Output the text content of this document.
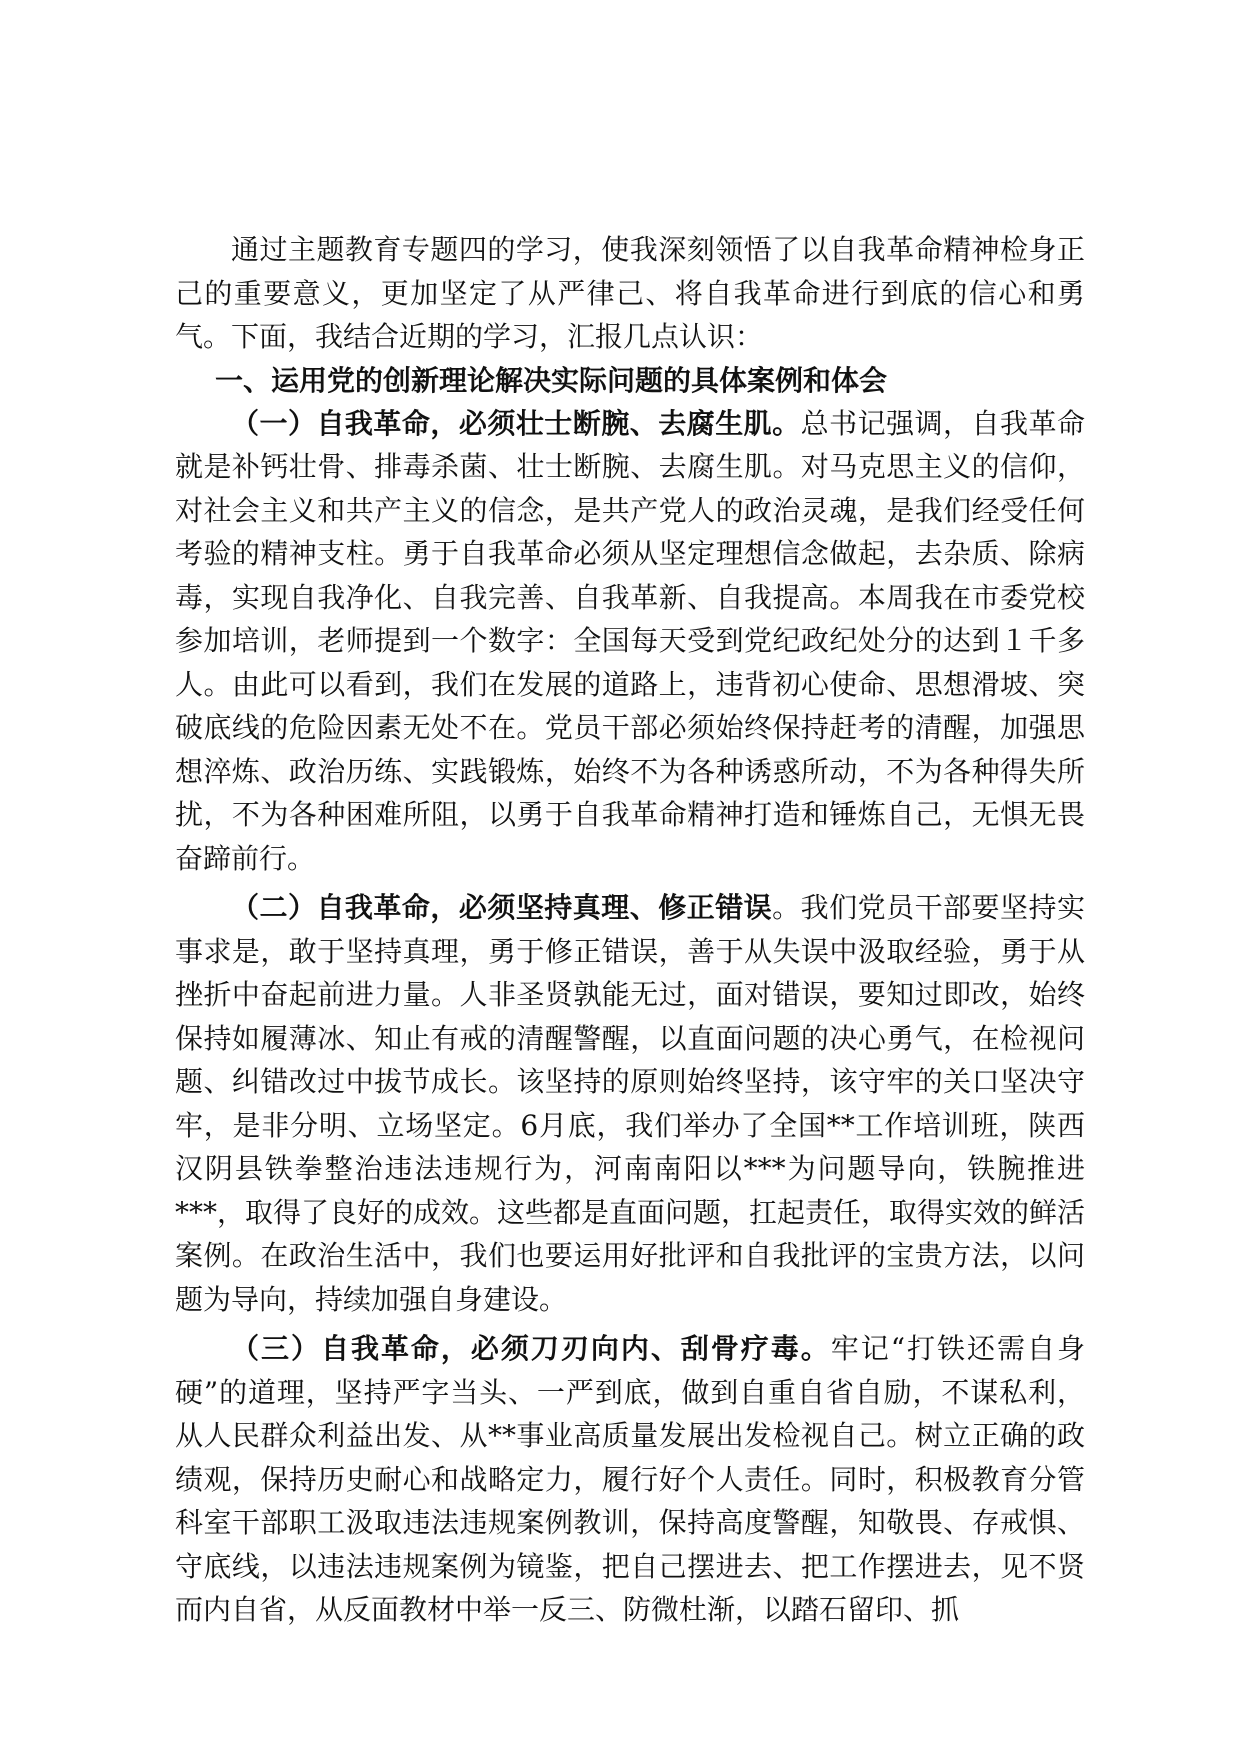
通过主题教育专题四的学习，使我深刻领悟了以自我革命精神检身正己的重要意义，更加坚定了从严律己、将自我革命进行到底的信心和勇气。下面，我结合近期的学习，汇报几点认识：

一、运用党的创新理论解决实际问题的具体案例和体会

（一）自我革命，必须壮士断腕、去腐生肌。总书记强调，自我革命就是补钙壮骨、排毒杀菌、壮士断腕、去腐生肌。对马克思主义的信仰，对社会主义和共产主义的信念，是共产党人的政治灵魂，是我们经受任何考验的精神支柱。勇于自我革命必须从坚定理想信念做起，去杂质、除病毒，实现自我净化、自我完善、自我革新、自我提高。本周我在市委党校参加培训，老师提到一个数字：全国每天受到党纪政纪处分的达到１千多人。由此可以看到，我们在发展的道路上，违背初心使命、思想滑坡、突破底线的危险因素无处不在。党员干部必须始终保持赶考的清醒，加强思想淬炼、政治历练、实践锻炼，始终不为各种诱惑所动，不为各种得失所扰，不为各种困难所阻，以勇于自我革命精神打造和锤炼自己，无惧无畏奋蹄前行。

（二）自我革命，必须坚持真理、修正错误。我们党员干部要坚持实事求是，敢于坚持真理，勇于修正错误，善于从失误中汲取经验，勇于从挫折中奋起前进力量。人非圣贤孰能无过，面对错误，要知过即改，始终保持如履薄冰、知止有戒的清醒警醒，以直面问题的决心勇气，在检视问题、纠错改过中拔节成长。该坚持的原则始终坚持，该守牢的关口坚决守牢，是非分明、立场坚定。6月底，我们举办了全国**工作培训班，陕西汉阴县铁拳整治违法违规行为，河南南阳以***为问题导向，铁腕推进***，取得了良好的成效。这些都是直面问题，扛起责任，取得实效的鲜活案例。在政治生活中，我们也要运用好批评和自我批评的宝贵方法，以问题为导向，持续加强自身建设。

（三）自我革命，必须刀刃向内、刮骨疗毒。牢记“打铁还需自身硬”的道理，坚持严字当头、一严到底，做到自重自省自励，不谋私利，从人民群众利益出发、从**事业高质量发展出发检视自己。树立正确的政绩观，保持历史耐心和战略定力，履行好个人责任。同时，积极教育分管科室干部职工汲取违法违规案例教训，保持高度警醒，知敬畏、存戒惧、守底线，以违法违规案例为镜鉴，把自己摆进去、把工作摆进去，见不贤而内自省，从反面教材中举一反三、防微杜渐，以踏石留印、抓
